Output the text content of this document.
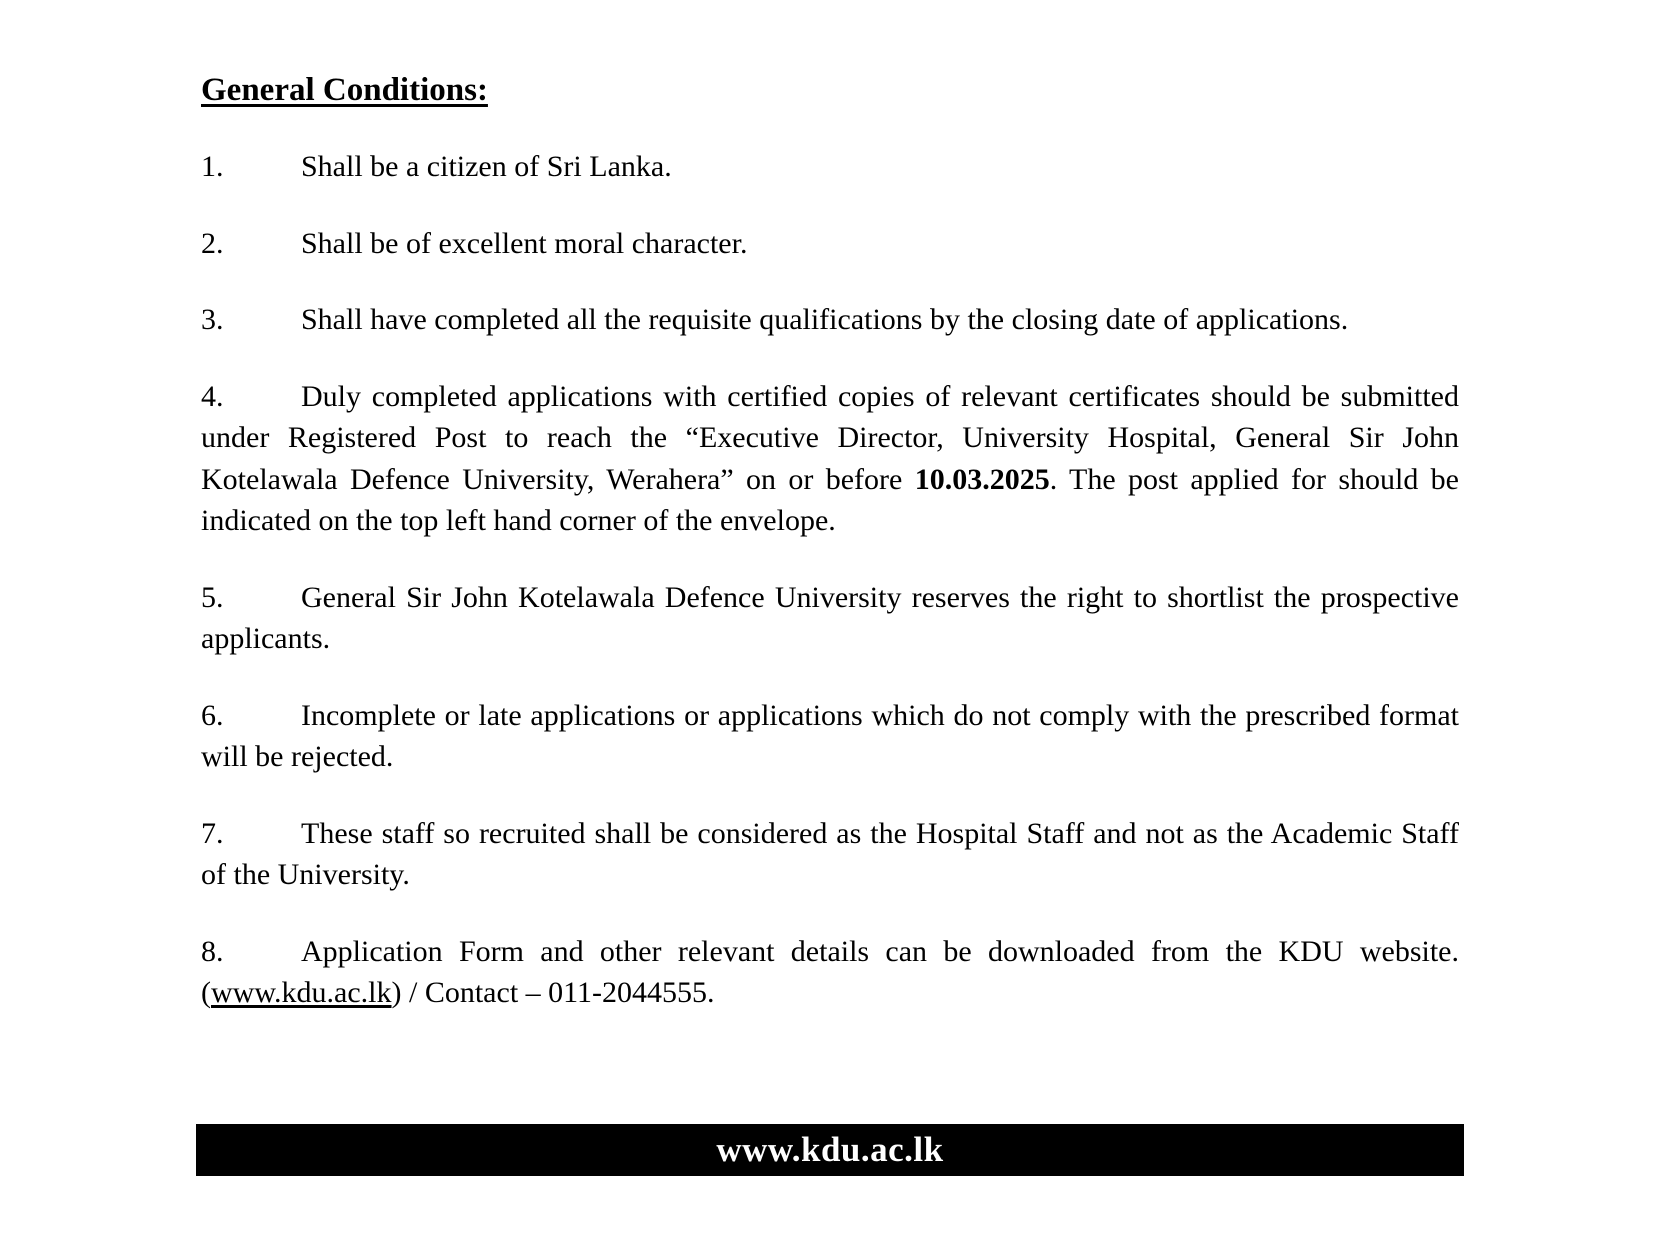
General Conditions:
1.	Shall be a citizen of Sri Lanka.
2.	Shall be of excellent moral character.
3.	Shall have completed all the requisite qualifications by the closing date of applications.
4.	Duly completed applications with certified copies of relevant certificates should be submitted under Registered Post to reach the “Executive Director, University Hospital, General Sir John Kotelawala Defence University, Werahera” on or before 10.03.2025. The post applied for should be indicated on the top left hand corner of the envelope.
5.	General Sir John Kotelawala Defence University reserves the right to shortlist the prospective applicants.
6.	Incomplete or late applications or applications which do not comply with the prescribed format will be rejected.
7.	These staff so recruited shall be considered as the Hospital Staff and not as the Academic Staff of the University.
8.	Application Form and other relevant details can be downloaded from the KDU website. (www.kdu.ac.lk) / Contact – 011-2044555.
www.kdu.ac.lk
